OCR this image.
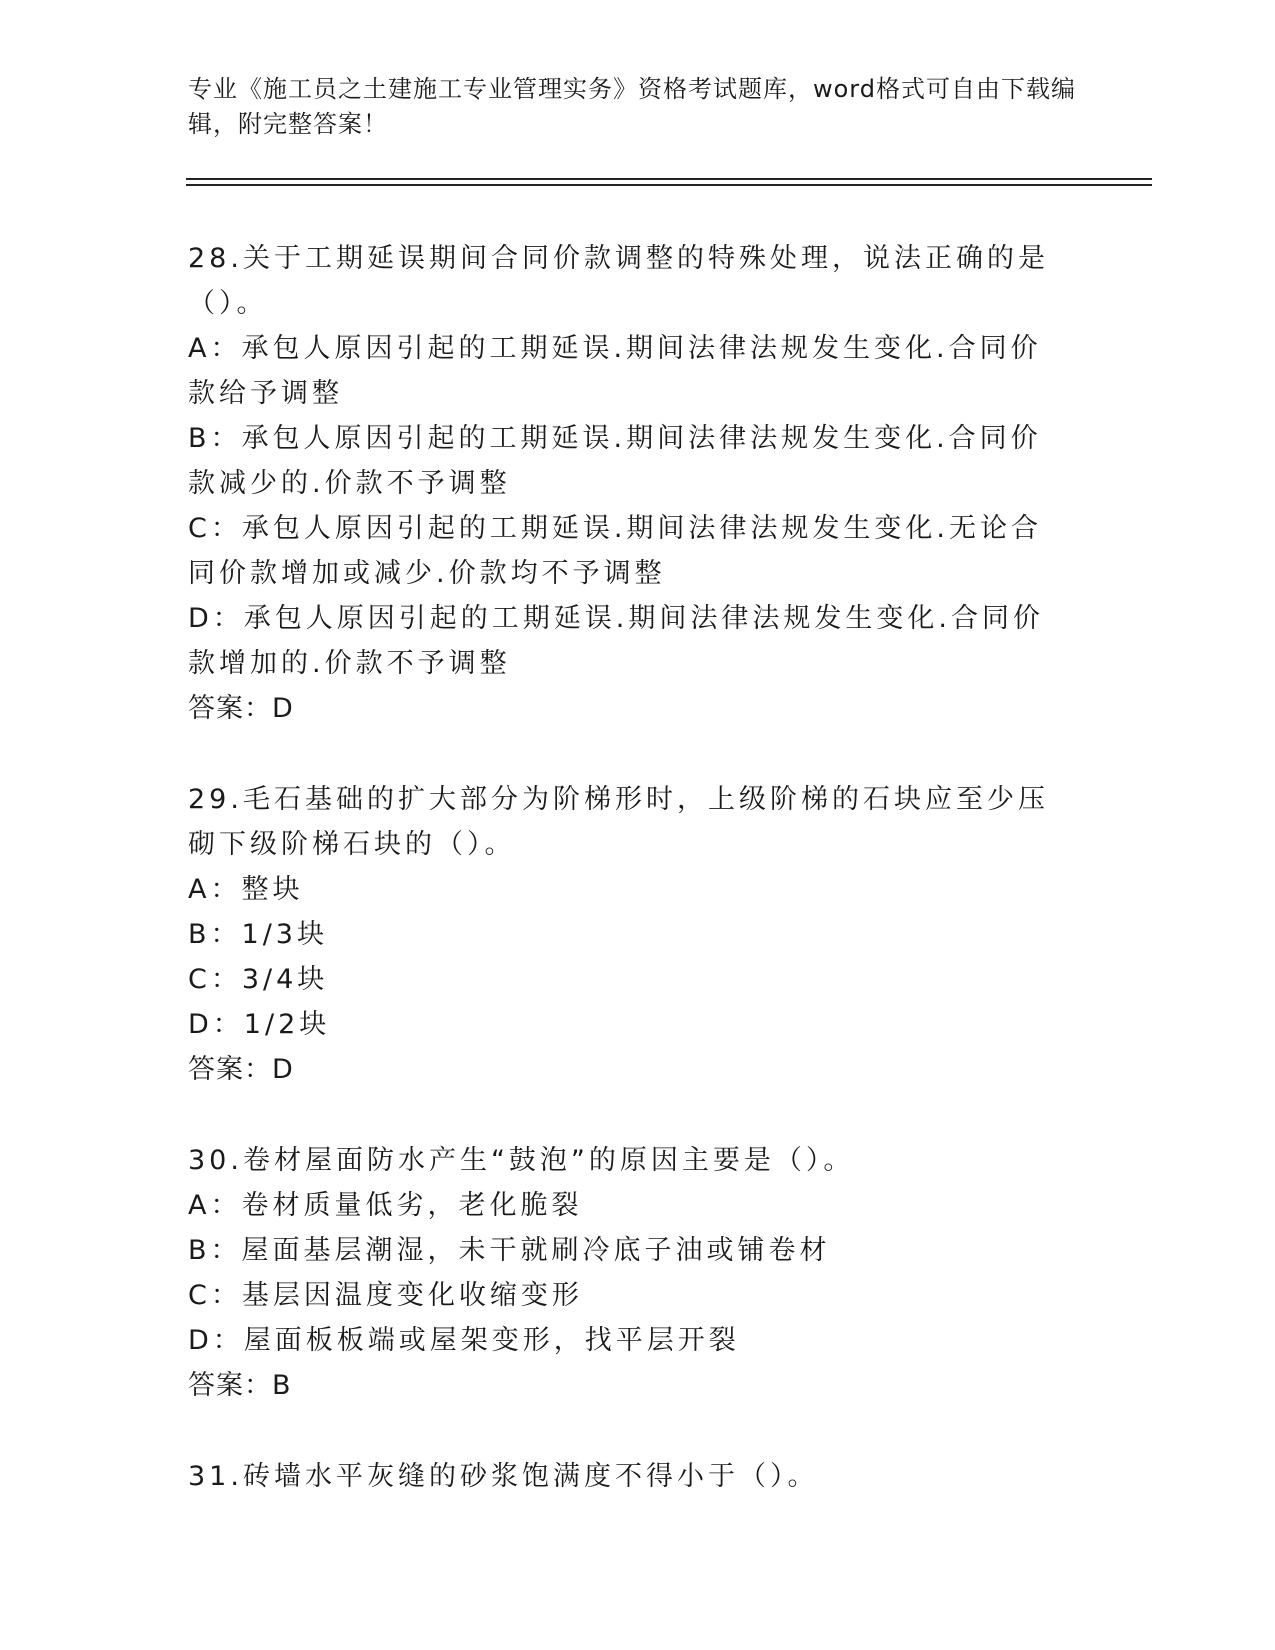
专业《施工员之土建施工专业管理实务》资格考试题库，word格式可自由下载编辑，附完整答案！

28.关于工期延误期间合同价款调整的特殊处理，说法正确的是（）。

A：承包人原因引起的工期延误.期间法律法规发生变化.合同价款给予调整

B：承包人原因引起的工期延误.期间法律法规发生变化.合同价款减少的.价款不予调整

C：承包人原因引起的工期延误.期间法律法规发生变化.无论合同价款增加或减少.价款均不予调整

D：承包人原因引起的工期延误.期间法律法规发生变化.合同价款增加的.价款不予调整

答案：D

29.毛石基础的扩大部分为阶梯形时，上级阶梯的石块应至少压砌下级阶梯石块的（）。

A：整块

B：1/3块

C：3/4块

D：1/2块

答案：D

30.卷材屋面防水产生“鼓泡”的原因主要是（）。

A：卷材质量低劣，老化脆裂

B：屋面基层潮湿，未干就刷冷底子油或铺卷材

C：基层因温度变化收缩变形

D：屋面板板端或屋架变形，找平层开裂

答案：B

31.砖墙水平灰缝的砂浆饱满度不得小于（）。
